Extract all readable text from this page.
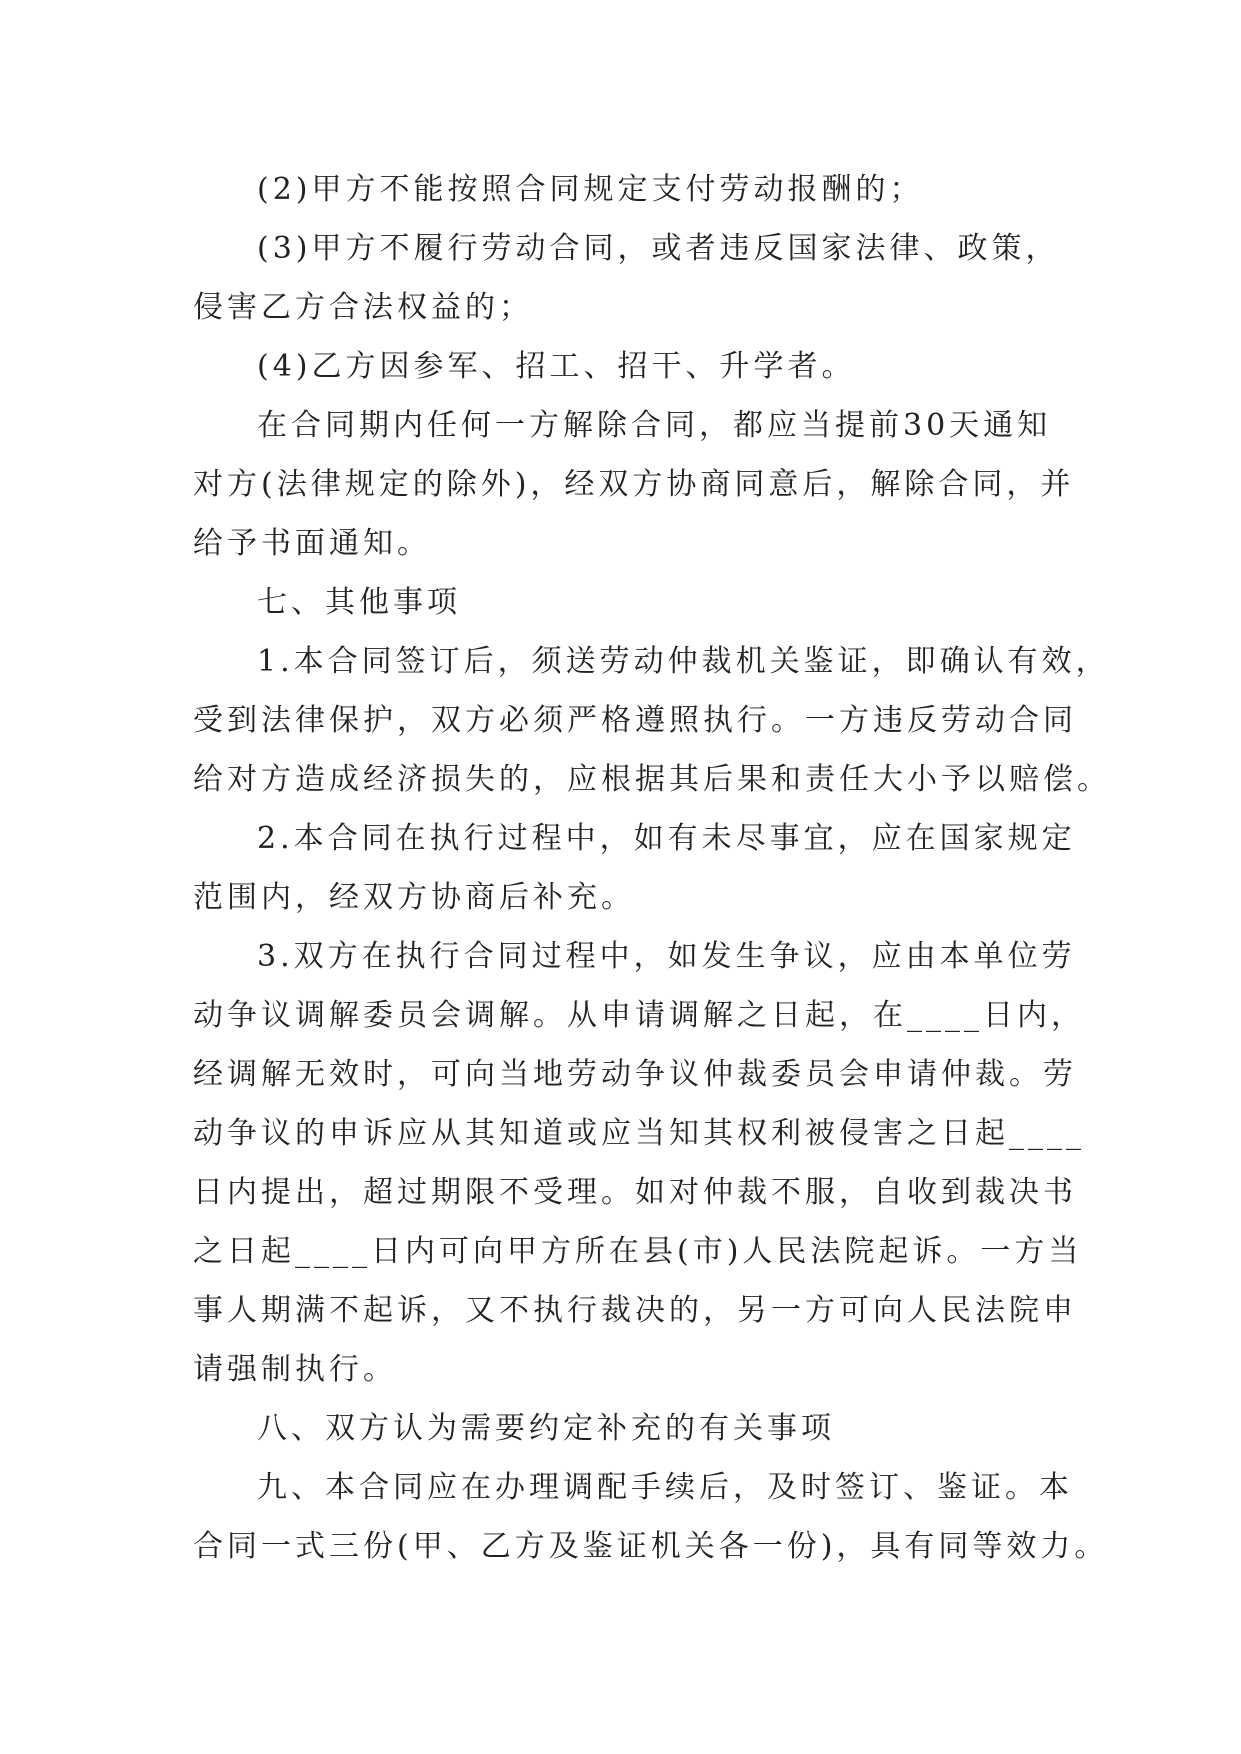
(2)甲方不能按照合同规定支付劳动报酬的；
(3)甲方不履行劳动合同，或者违反国家法律、政策，
侵害乙方合法权益的；
(4)乙方因参军、招工、招干、升学者。
在合同期内任何一方解除合同，都应当提前30天通知
对方(法律规定的除外)，经双方协商同意后，解除合同，并
给予书面通知。
七、其他事项
1.本合同签订后，须送劳动仲裁机关鉴证，即确认有效，
受到法律保护，双方必须严格遵照执行。一方违反劳动合同
给对方造成经济损失的，应根据其后果和责任大小予以赔偿。
2.本合同在执行过程中，如有未尽事宜，应在国家规定
范围内，经双方协商后补充。
3.双方在执行合同过程中，如发生争议，应由本单位劳
动争议调解委员会调解。从申请调解之日起，在____日内，
经调解无效时，可向当地劳动争议仲裁委员会申请仲裁。劳
动争议的申诉应从其知道或应当知其权利被侵害之日起____
日内提出，超过期限不受理。如对仲裁不服，自收到裁决书
之日起____日内可向甲方所在县(市)人民法院起诉。一方当
事人期满不起诉，又不执行裁决的，另一方可向人民法院申
请强制执行。
八、双方认为需要约定补充的有关事项
九、本合同应在办理调配手续后，及时签订、鉴证。本
合同一式三份(甲、乙方及鉴证机关各一份)，具有同等效力。
